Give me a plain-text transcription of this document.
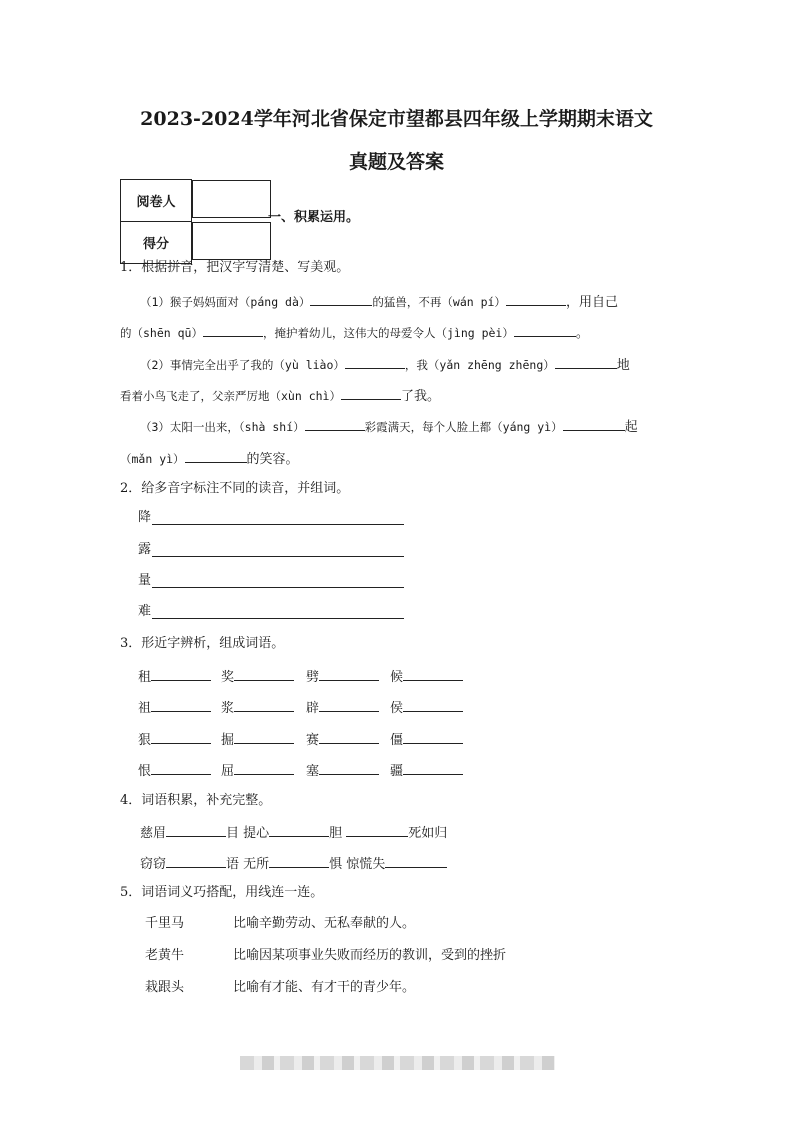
2023-2024学年河北省保定市望都县四年级上学期期末语文
真题及答案
阅卷人	
得分	
一、积累运用。
1．根据拼音，把汉字写清楚、写美观。
（1）猴子妈妈面对（páng dà）	的猛兽，不再（wán pí）	，用自己
的（shēn qū）	，掩护着幼儿，这伟大的母爱令人（jìng pèi）	。
（2）事情完全出乎了我的（yù liào）	，我（yǎn zhēng zhēng）	地
看着小鸟飞走了，父亲严厉地（xùn chì）	了我。
（3）太阳一出来，（shà shí）	彩霞满天，每个人脸上都（yáng yì）	起
（mǎn yì）	的笑容。
2．给多音字标注不同的读音，并组词。
降
露
量
难
3．形近字辨析，组成词语。
租	奖	劈	候
祖	浆	辟	侯
狠	掘	赛	僵
恨	屈	塞	疆
4．词语积累，补充完整。
慈眉	目 提心	胆	死如归
窃窃	语 无所	惧 惊慌失
5．词语词义巧搭配，用线连一连。
千里马	比喻辛勤劳动、无私奉献的人。
老黄牛	比喻因某项事业失败而经历的教训，受到的挫折
栽跟头	比喻有才能、有才干的青少年。
